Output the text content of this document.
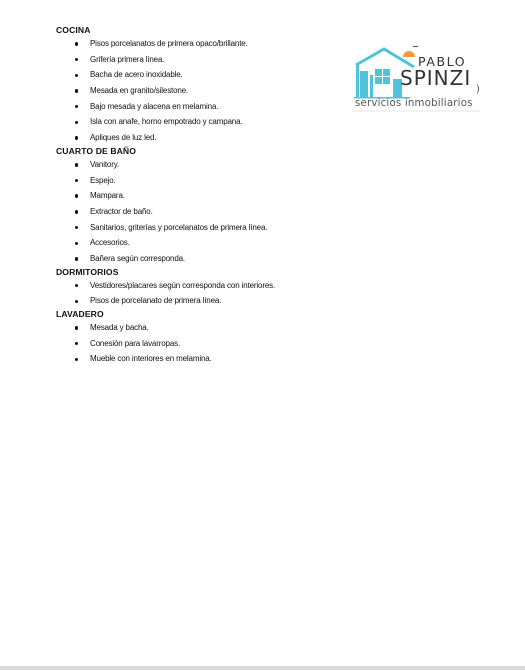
COCINA
Pisos porcelanatos de primera opaco/brillante.
Grifería primera línea.
Bacha de acero inoxidable.
Mesada en granito/silestone.
Bajo mesada y alacena en melamina.
Isla con anafe, horno empotrado y campana.
Apliques de luz led.
CUARTO DE BAÑO
Vanitory.
Espejo.
Mampara.
Extractor de baño.
Sanitarios, griterías y porcelanatos de primera línea.
Accesorios.
Bañera según corresponda.
DORMITORIOS
Vestidores/placares según corresponda con interiores.
Pisos de porcelanato de primera línea.
LAVADERO
Mesada y bacha.
Conesión para lavarropas.
Mueble con interiores en melamina.
)
PABLO
SPINZI
servicios inmobiliarios
